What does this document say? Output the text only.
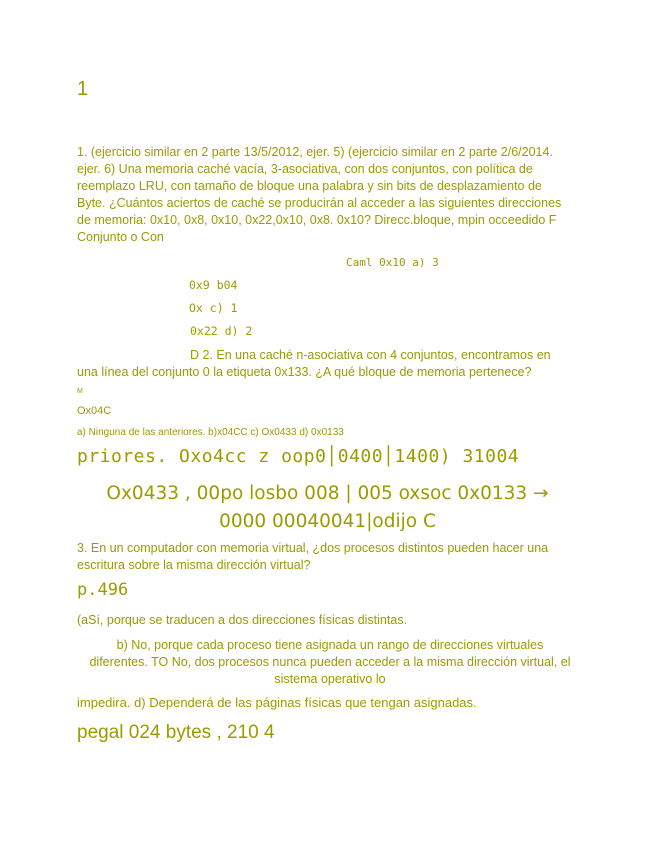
1
1. (ejercicio similar en 2 parte 13/5/2012, ejer. 5) (ejercicio similar en 2 parte 2/6/2014.
ejer. 6) Una memoria caché vacía, 3-asociativa, con dos conjuntos, con política de
reemplazo LRU, con tamaño de bloque una palabra y sin bits de desplazamiento de
Byte. ¿Cuántos aciertos de caché se producirán al acceder a las siguientes direcciones
de memoria: 0x10, 0x8, 0x10, 0x22,0x10, 0x8. 0x10? Direcc.bloque, mpin occeedido F
Conjunto o Con
Caml 0x10 a) 3
0x9 b04
Ox c) 1
0x22 d) 2
D 2. En una caché n-asociativa con 4 conjuntos, encontramos en
una línea del conjunto 0 la etiqueta 0x133. ¿A qué bloque de memoria pertenece?
M
Ox04C
a) Ninguna de las anteriores. b)x04CC c) Ox0433 d) 0x0133
priores. Oxo4cc z oop0│0400│1400) 31004
Ox0433 , 00po losbo 008 | 005 oxsoc 0x0133 →
0000 00040041|odijo C
3. En un computador con memoria virtual, ¿dos procesos distintos pueden hacer una
escritura sobre la misma dirección virtual?
p.496
(aSí, porque se traducen a dos direcciones físicas distintas.
b) No, porque cada proceso tiene asignada un rango de direcciones virtuales
diferentes. TO No, dos procesos nunca pueden acceder a la misma dirección virtual, el
sistema operativo lo
impedira. d) Dependerá de las páginas físicas que tengan asignadas.
pegal 024 bytes , 210 4
